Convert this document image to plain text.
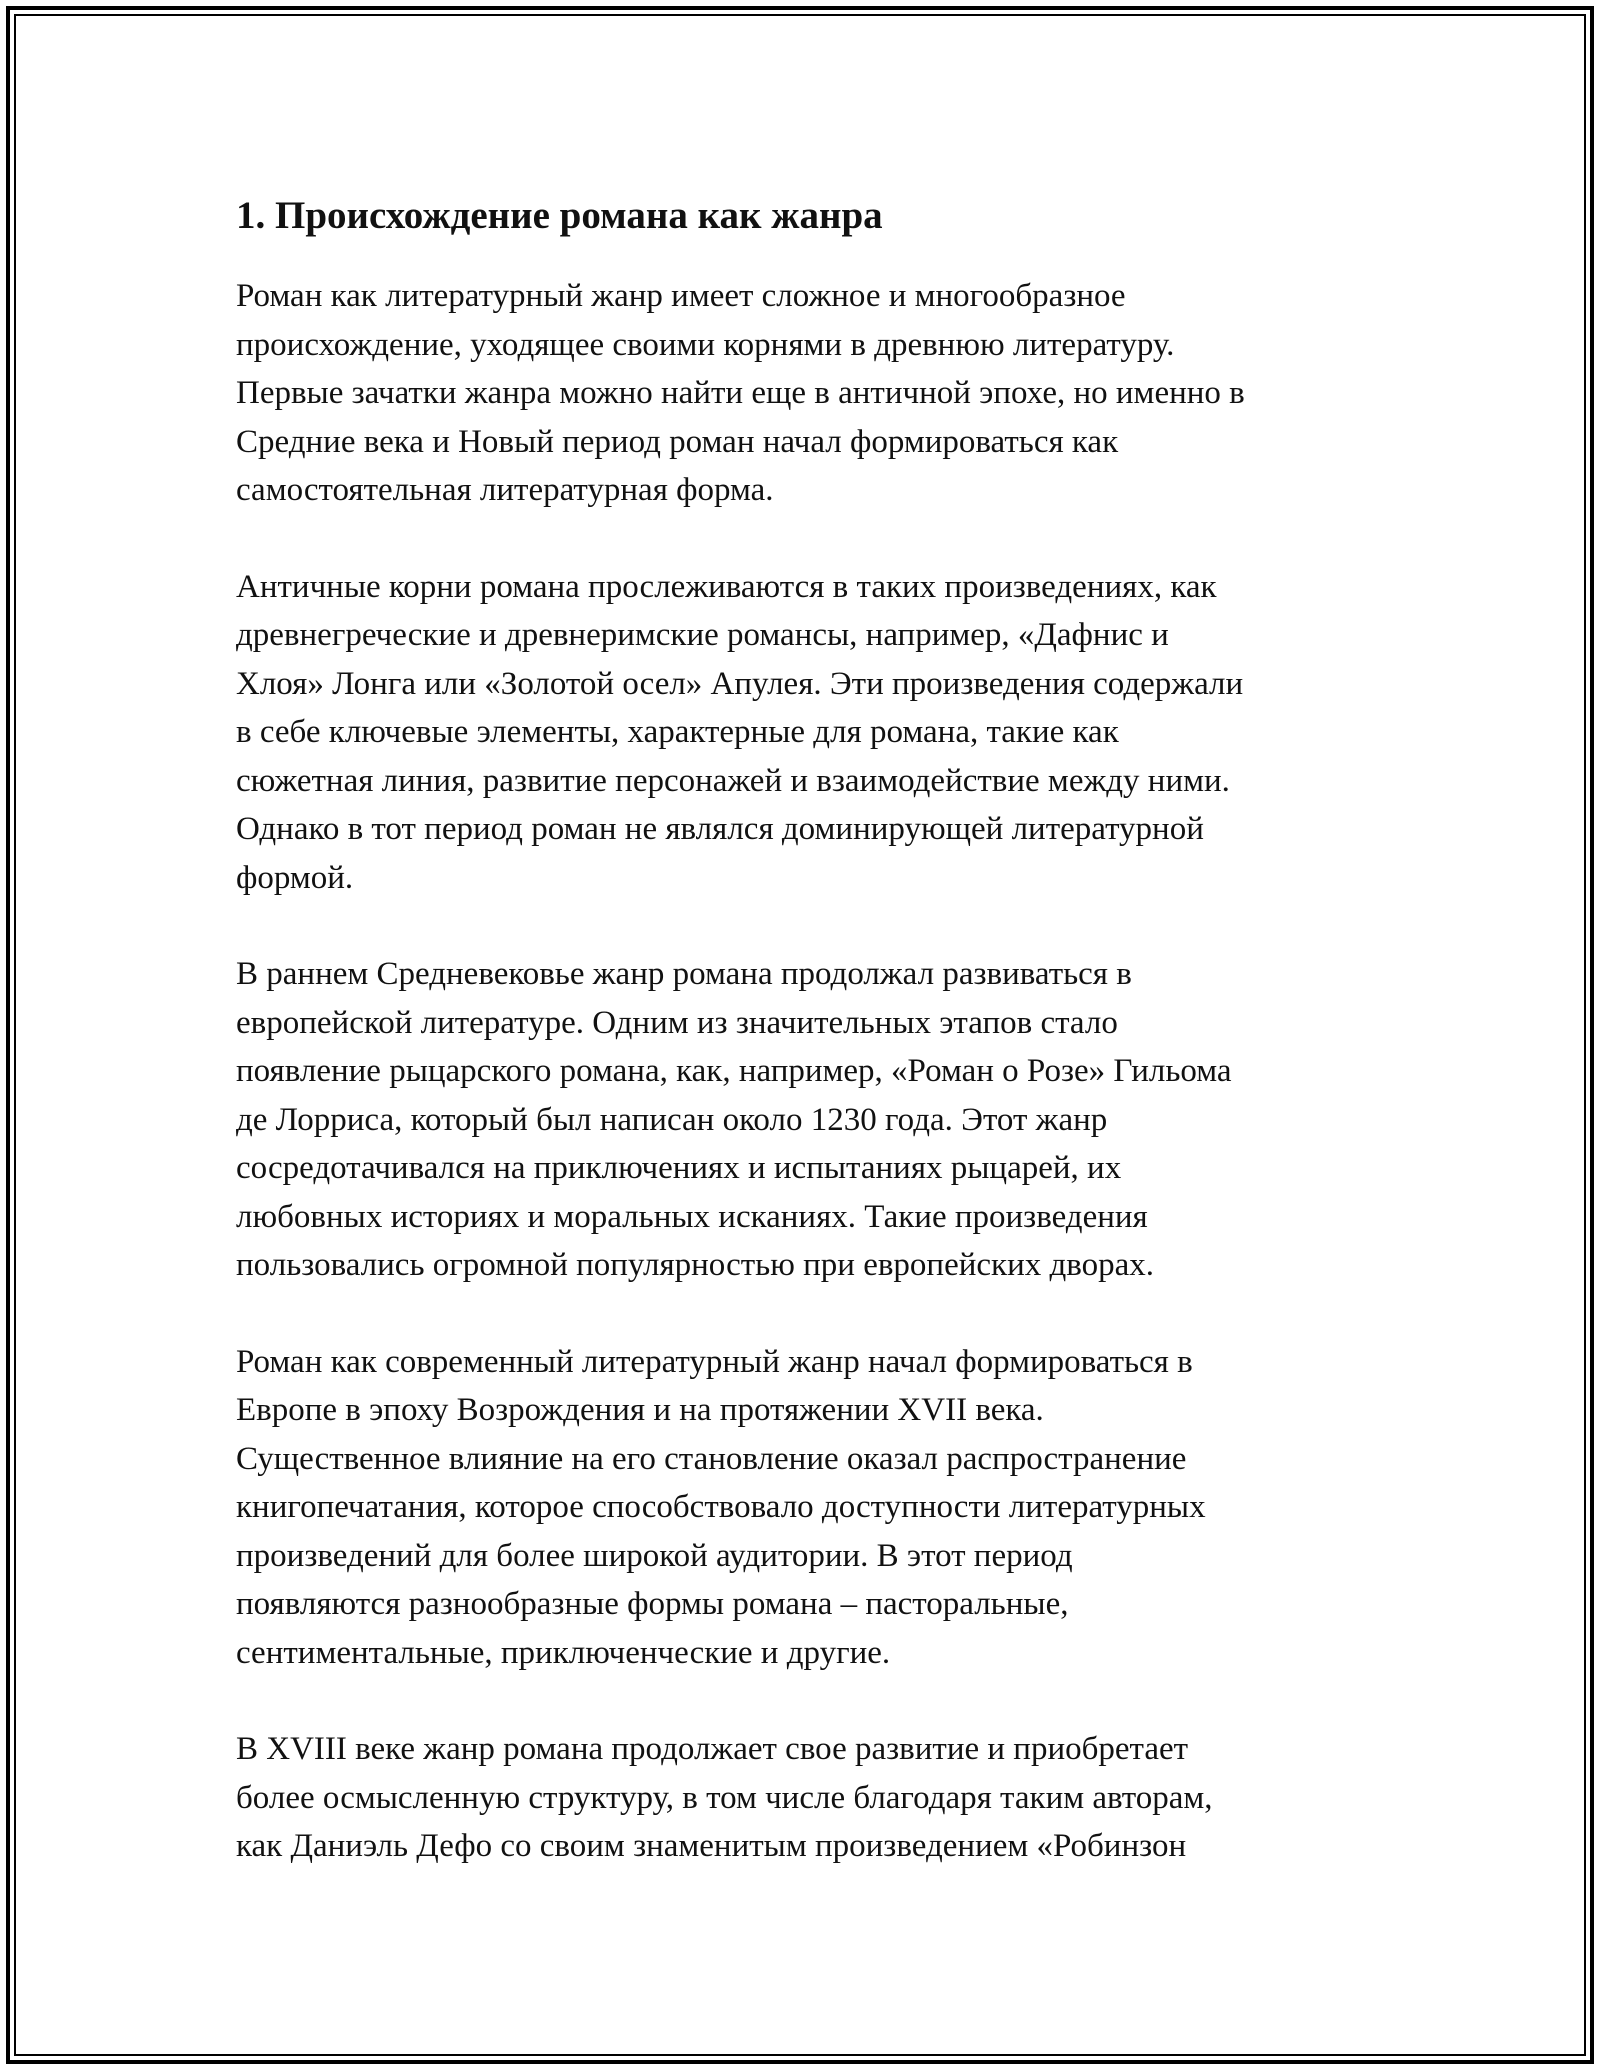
1. Происхождение романа как жанра

Роман как литературный жанр имеет сложное и многообразное
происхождение, уходящее своими корнями в древнюю литературу.
Первые зачатки жанра можно найти еще в античной эпохе, но именно в
Средние века и Новый период роман начал формироваться как
самостоятельная литературная форма.

Античные корни романа прослеживаются в таких произведениях, как
древнегреческие и древнеримские романсы, например, «Дафнис и
Хлоя» Лонга или «Золотой осел» Апулея. Эти произведения содержали
в себе ключевые элементы, характерные для романа, такие как
сюжетная линия, развитие персонажей и взаимодействие между ними.
Однако в тот период роман не являлся доминирующей литературной
формой.

В раннем Средневековье жанр романа продолжал развиваться в
европейской литературе. Одним из значительных этапов стало
появление рыцарского романа, как, например, «Роман о Розе» Гильома
де Лорриса, который был написан около 1230 года. Этот жанр
сосредотачивался на приключениях и испытаниях рыцарей, их
любовных историях и моральных исканиях. Такие произведения
пользовались огромной популярностью при европейских дворах.

Роман как современный литературный жанр начал формироваться в
Европе в эпоху Возрождения и на протяжении XVII века.
Существенное влияние на его становление оказал распространение
книгопечатания, которое способствовало доступности литературных
произведений для более широкой аудитории. В этот период
появляются разнообразные формы романа – пасторальные,
сентиментальные, приключенческие и другие.

В XVIII веке жанр романа продолжает свое развитие и приобретает
более осмысленную структуру, в том числе благодаря таким авторам,
как Даниэль Дефо со своим знаменитым произведением «Робинзон
